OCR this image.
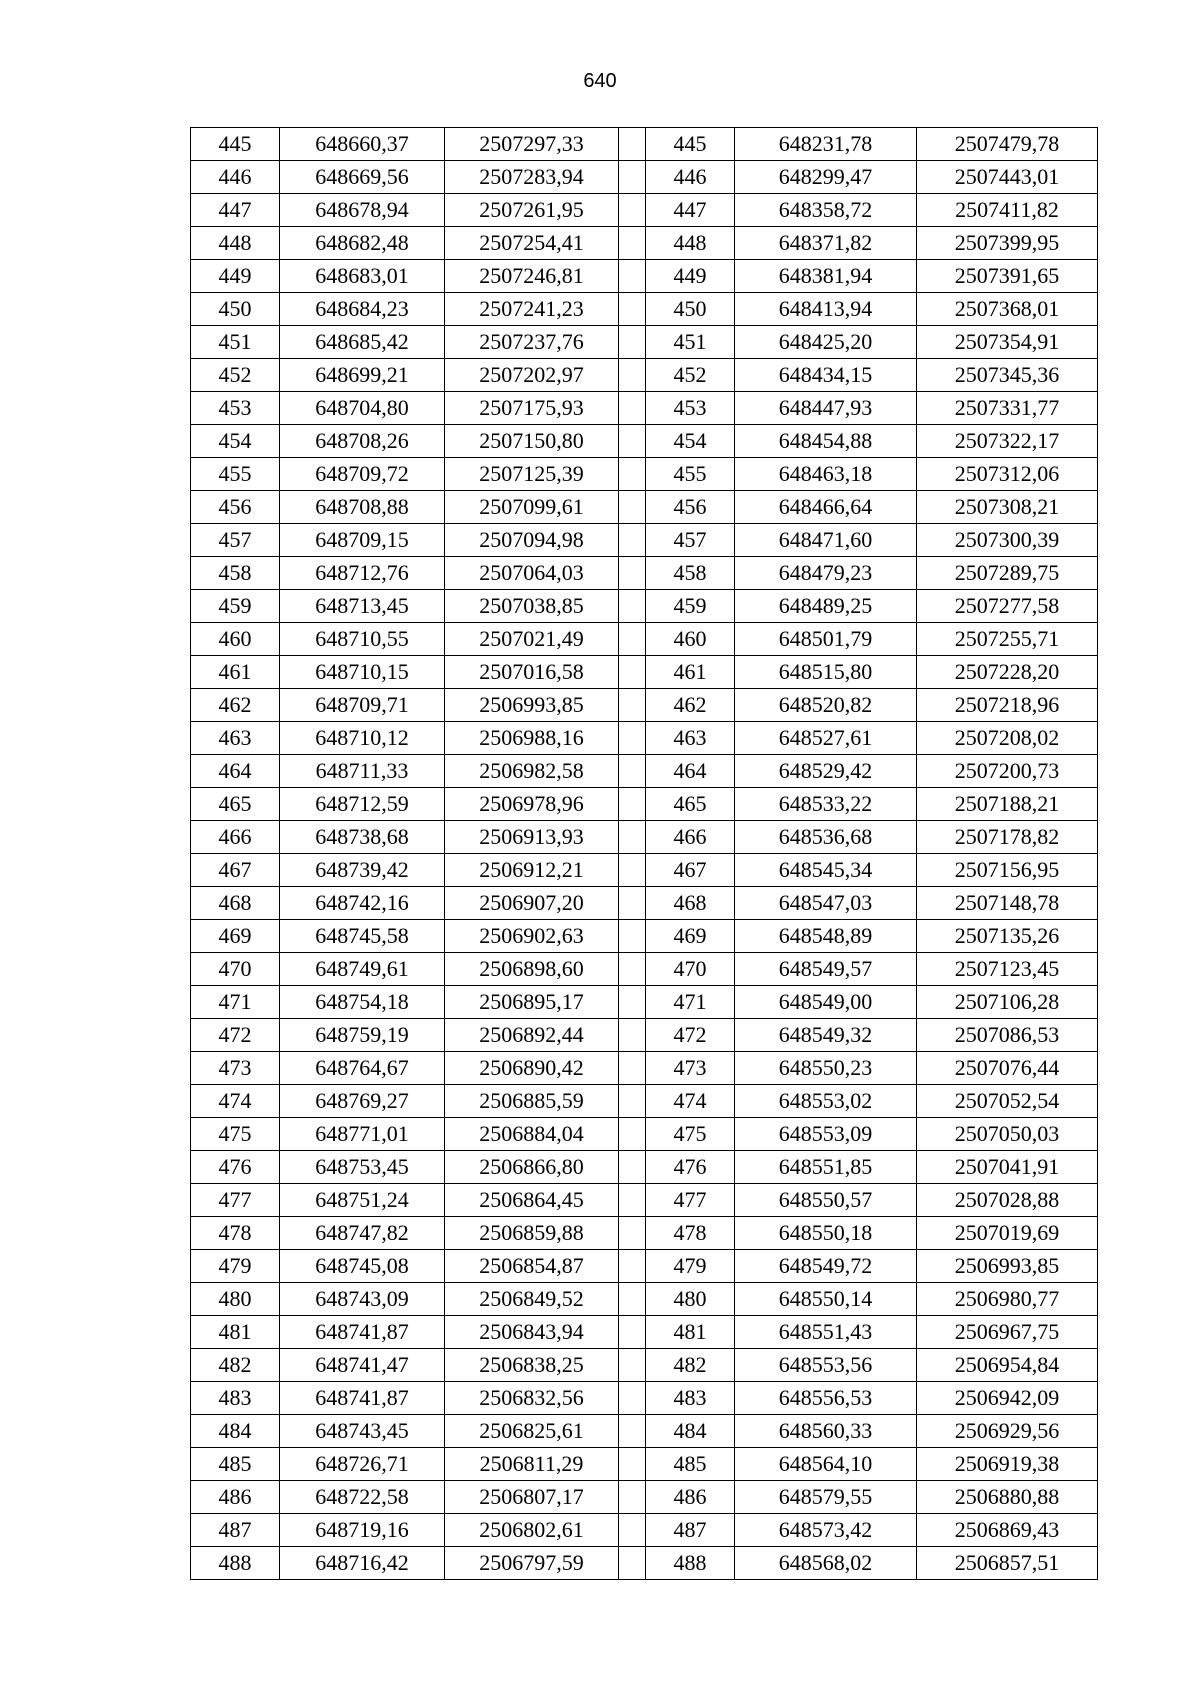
640
445	648660,37	2507297,33		445	648231,78	2507479,78
446	648669,56	2507283,94		446	648299,47	2507443,01
447	648678,94	2507261,95		447	648358,72	2507411,82
448	648682,48	2507254,41		448	648371,82	2507399,95
449	648683,01	2507246,81		449	648381,94	2507391,65
450	648684,23	2507241,23		450	648413,94	2507368,01
451	648685,42	2507237,76		451	648425,20	2507354,91
452	648699,21	2507202,97		452	648434,15	2507345,36
453	648704,80	2507175,93		453	648447,93	2507331,77
454	648708,26	2507150,80		454	648454,88	2507322,17
455	648709,72	2507125,39		455	648463,18	2507312,06
456	648708,88	2507099,61		456	648466,64	2507308,21
457	648709,15	2507094,98		457	648471,60	2507300,39
458	648712,76	2507064,03		458	648479,23	2507289,75
459	648713,45	2507038,85		459	648489,25	2507277,58
460	648710,55	2507021,49		460	648501,79	2507255,71
461	648710,15	2507016,58		461	648515,80	2507228,20
462	648709,71	2506993,85		462	648520,82	2507218,96
463	648710,12	2506988,16		463	648527,61	2507208,02
464	648711,33	2506982,58		464	648529,42	2507200,73
465	648712,59	2506978,96		465	648533,22	2507188,21
466	648738,68	2506913,93		466	648536,68	2507178,82
467	648739,42	2506912,21		467	648545,34	2507156,95
468	648742,16	2506907,20		468	648547,03	2507148,78
469	648745,58	2506902,63		469	648548,89	2507135,26
470	648749,61	2506898,60		470	648549,57	2507123,45
471	648754,18	2506895,17		471	648549,00	2507106,28
472	648759,19	2506892,44		472	648549,32	2507086,53
473	648764,67	2506890,42		473	648550,23	2507076,44
474	648769,27	2506885,59		474	648553,02	2507052,54
475	648771,01	2506884,04		475	648553,09	2507050,03
476	648753,45	2506866,80		476	648551,85	2507041,91
477	648751,24	2506864,45		477	648550,57	2507028,88
478	648747,82	2506859,88		478	648550,18	2507019,69
479	648745,08	2506854,87		479	648549,72	2506993,85
480	648743,09	2506849,52		480	648550,14	2506980,77
481	648741,87	2506843,94		481	648551,43	2506967,75
482	648741,47	2506838,25		482	648553,56	2506954,84
483	648741,87	2506832,56		483	648556,53	2506942,09
484	648743,45	2506825,61		484	648560,33	2506929,56
485	648726,71	2506811,29		485	648564,10	2506919,38
486	648722,58	2506807,17		486	648579,55	2506880,88
487	648719,16	2506802,61		487	648573,42	2506869,43
488	648716,42	2506797,59		488	648568,02	2506857,51
